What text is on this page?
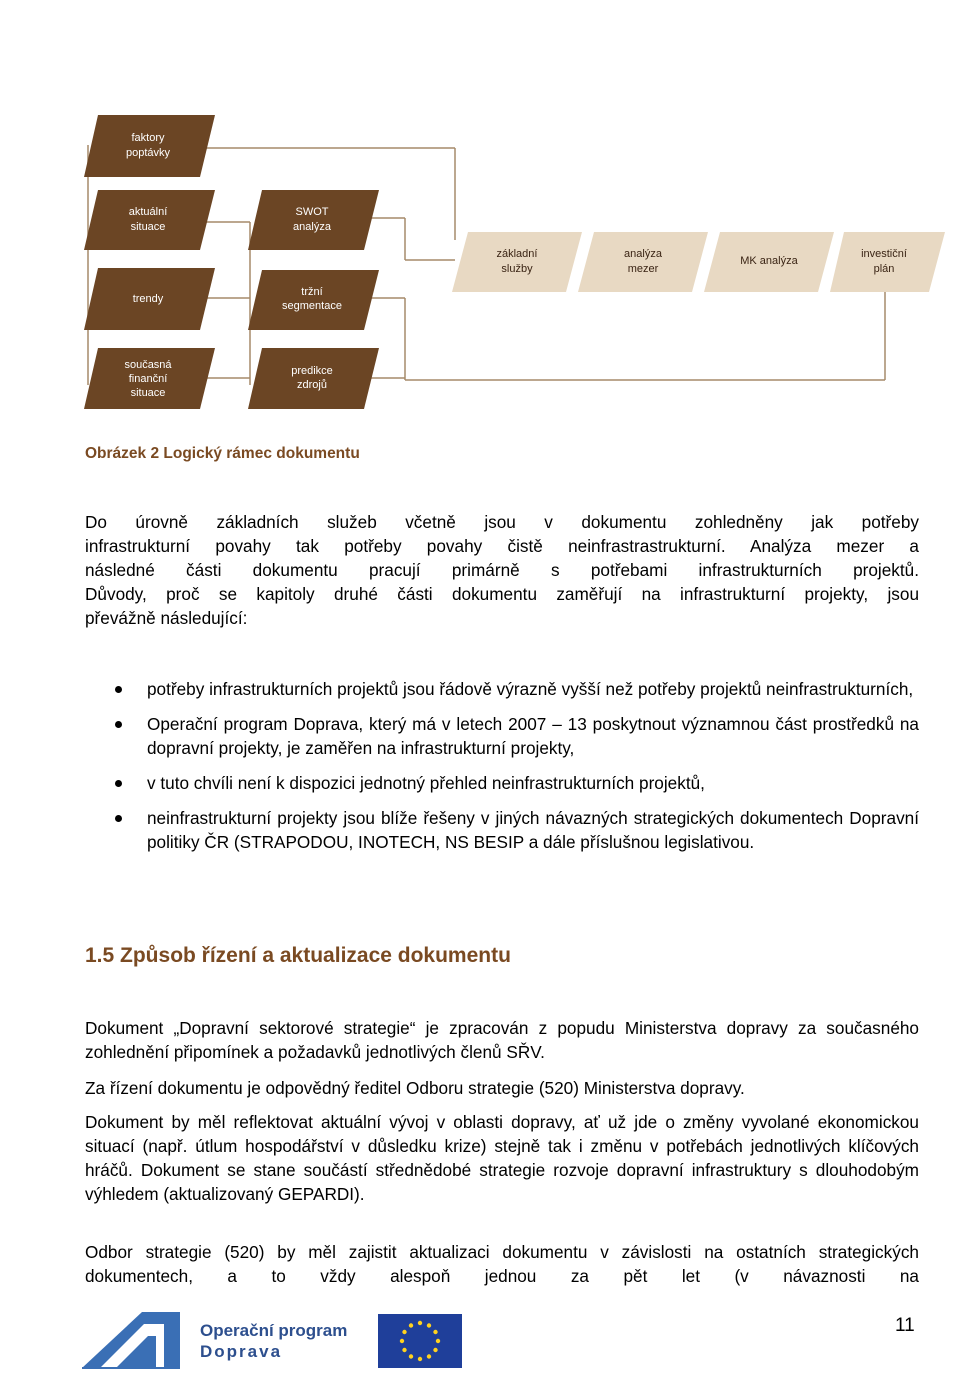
faktory
poptávky
aktuální
situace
trendy
současná
finanční
situace
SWOT
analýza
tržní
segmentace
predikce
zdrojů
základní
služby
analýza
mezer
MK analýza
investiční
plán
Obrázek 2 Logický rámec dokumentu
Do úrovně základních služeb včetně jsou v dokumentu zohledněny jak potřeby
infrastrukturní povahy tak potřeby povahy čistě neinfrastrastrukturní. Analýza mezer a
následné části dokumentu pracují primárně s potřebami infrastrukturních projektů.
Důvody, proč se kapitoly druhé části dokumentu zaměřují na infrastrukturní projekty, jsou
převážně následující:
potřeby infrastrukturních projektů jsou řádově výrazně vyšší než potřeby projektů neinfrastrukturních,
Operační program Doprava, který má v letech 2007 – 13 poskytnout významnou část prostředků na dopravní projekty, je zaměřen na infrastrukturní projekty,
v tuto chvíli není k dispozici jednotný přehled neinfrastrukturních projektů,
neinfrastrukturní projekty jsou blíže řešeny v jiných návazných strategických dokumentech Dopravní politiky ČR (STRAPODOU, INOTECH, NS BESIP a dále příslušnou legislativou.
1.5 Způsob řízení a aktualizace dokumentu
Dokument „Dopravní sektorové strategie“ je zpracován z popudu Ministerstva dopravy za současného zohlednění připomínek a požadavků jednotlivých členů SŘV.
Za řízení dokumentu je odpovědný ředitel Odboru strategie (520) Ministerstva dopravy.
Dokument by měl reflektovat aktuální vývoj v oblasti dopravy, ať už jde o změny vyvolané ekonomickou situací (např. útlum hospodářství v důsledku krize) stejně tak i změnu v potřebách jednotlivých klíčových hráčů. Dokument se stane součástí střednědobé strategie rozvoje dopravní infrastruktury s dlouhodobým výhledem (aktualizovaný GEPARDI).
Odbor strategie (520) by měl zajistit aktualizaci dokumentu v závislosti na ostatních strategických dokumentech, a to vždy alespoň jednou za pět let (v návaznosti na
Operační program
Doprava
11
